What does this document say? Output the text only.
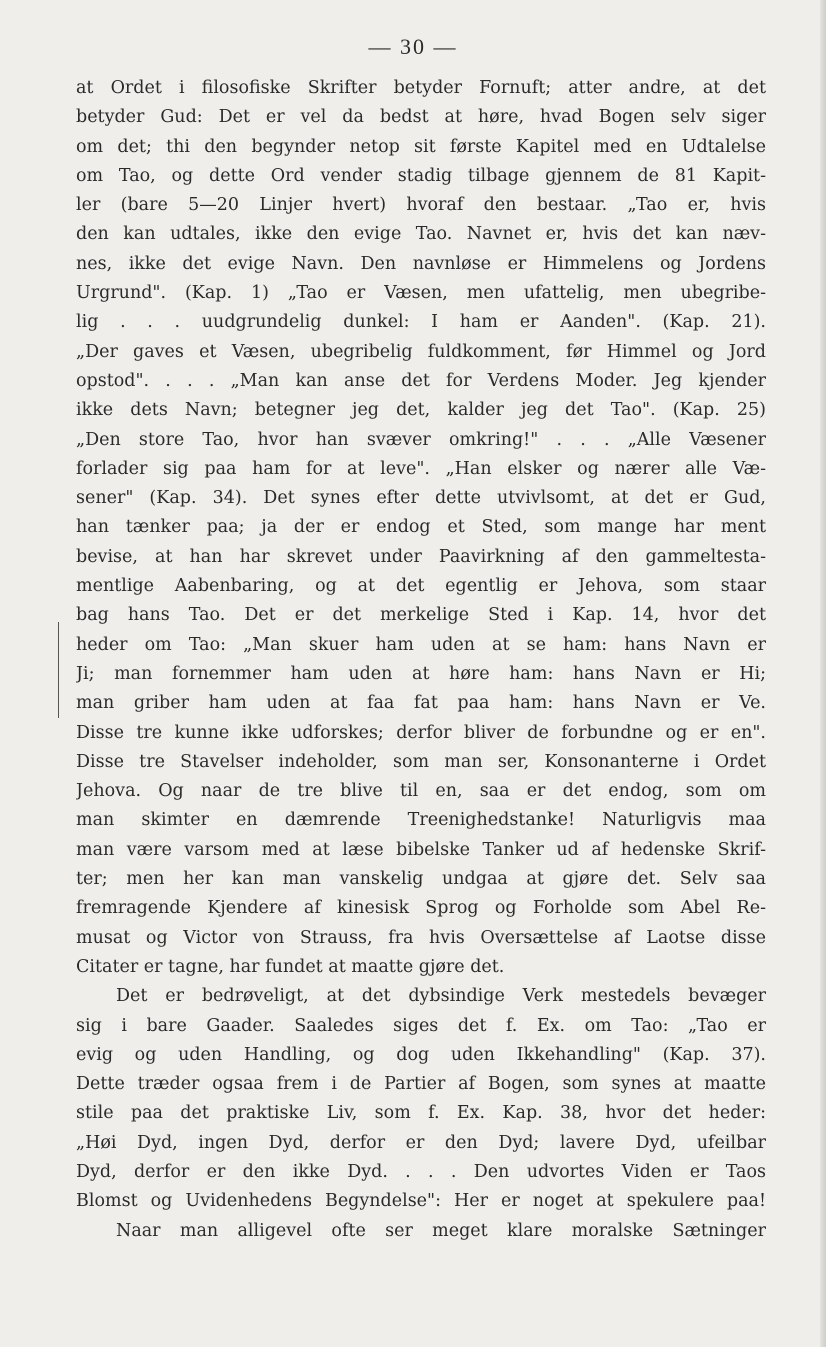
— 30 —
at Ordet i filosofiske Skrifter betyder Fornuft; atter andre, at det
betyder Gud: Det er vel da bedst at høre, hvad Bogen selv siger
om det; thi den begynder netop sit første Kapitel med en Udtalelse
om Tao, og dette Ord vender stadig tilbage gjennem de 81 Kapit-
ler (bare 5—20 Linjer hvert) hvoraf den bestaar. „Tao er, hvis
den kan udtales, ikke den evige Tao. Navnet er, hvis det kan næv-
nes, ikke det evige Navn. Den navnløse er Himmelens og Jordens
Urgrund". (Kap. 1) „Tao er Væsen, men ufattelig, men ubegribe-
lig . . . uudgrundelig dunkel: I ham er Aanden". (Kap. 21).
„Der gaves et Væsen, ubegribelig fuldkomment, før Himmel og Jord
opstod". . . . „Man kan anse det for Verdens Moder. Jeg kjender
ikke dets Navn; betegner jeg det, kalder jeg det Tao". (Kap. 25)
„Den store Tao, hvor han svæver omkring!" . . . „Alle Væsener
forlader sig paa ham for at leve". „Han elsker og nærer alle Væ-
sener" (Kap. 34). Det synes efter dette utvivlsomt, at det er Gud,
han tænker paa; ja der er endog et Sted, som mange har ment
bevise, at han har skrevet under Paavirkning af den gammeltesta-
mentlige Aabenbaring, og at det egentlig er Jehova, som staar
bag hans Tao. Det er det merkelige Sted i Kap. 14, hvor det
heder om Tao: „Man skuer ham uden at se ham: hans Navn er
Ji; man fornemmer ham uden at høre ham: hans Navn er Hi;
man griber ham uden at faa fat paa ham: hans Navn er Ve.
Disse tre kunne ikke udforskes; derfor bliver de forbundne og er en".
Disse tre Stavelser indeholder, som man ser, Konsonanterne i Ordet
Jehova. Og naar de tre blive til en, saa er det endog, som om
man skimter en dæmrende Treenighedstanke! Naturligvis maa
man være varsom med at læse bibelske Tanker ud af hedenske Skrif-
ter; men her kan man vanskelig undgaa at gjøre det. Selv saa
fremragende Kjendere af kinesisk Sprog og Forholde som Abel Re-
musat og Victor von Strauss, fra hvis Oversættelse af Laotse disse
Citater er tagne, har fundet at maatte gjøre det.
Det er bedrøveligt, at det dybsindige Verk mestedels bevæger
sig i bare Gaader. Saaledes siges det f. Ex. om Tao: „Tao er
evig og uden Handling, og dog uden Ikkehandling" (Kap. 37).
Dette træder ogsaa frem i de Partier af Bogen, som synes at maatte
stile paa det praktiske Liv, som f. Ex. Kap. 38, hvor det heder:
„Høi Dyd, ingen Dyd, derfor er den Dyd; lavere Dyd, ufeilbar
Dyd, derfor er den ikke Dyd. . . . Den udvortes Viden er Taos
Blomst og Uvidenhedens Begyndelse": Her er noget at spekulere paa!
Naar man alligevel ofte ser meget klare moralske Sætninger
